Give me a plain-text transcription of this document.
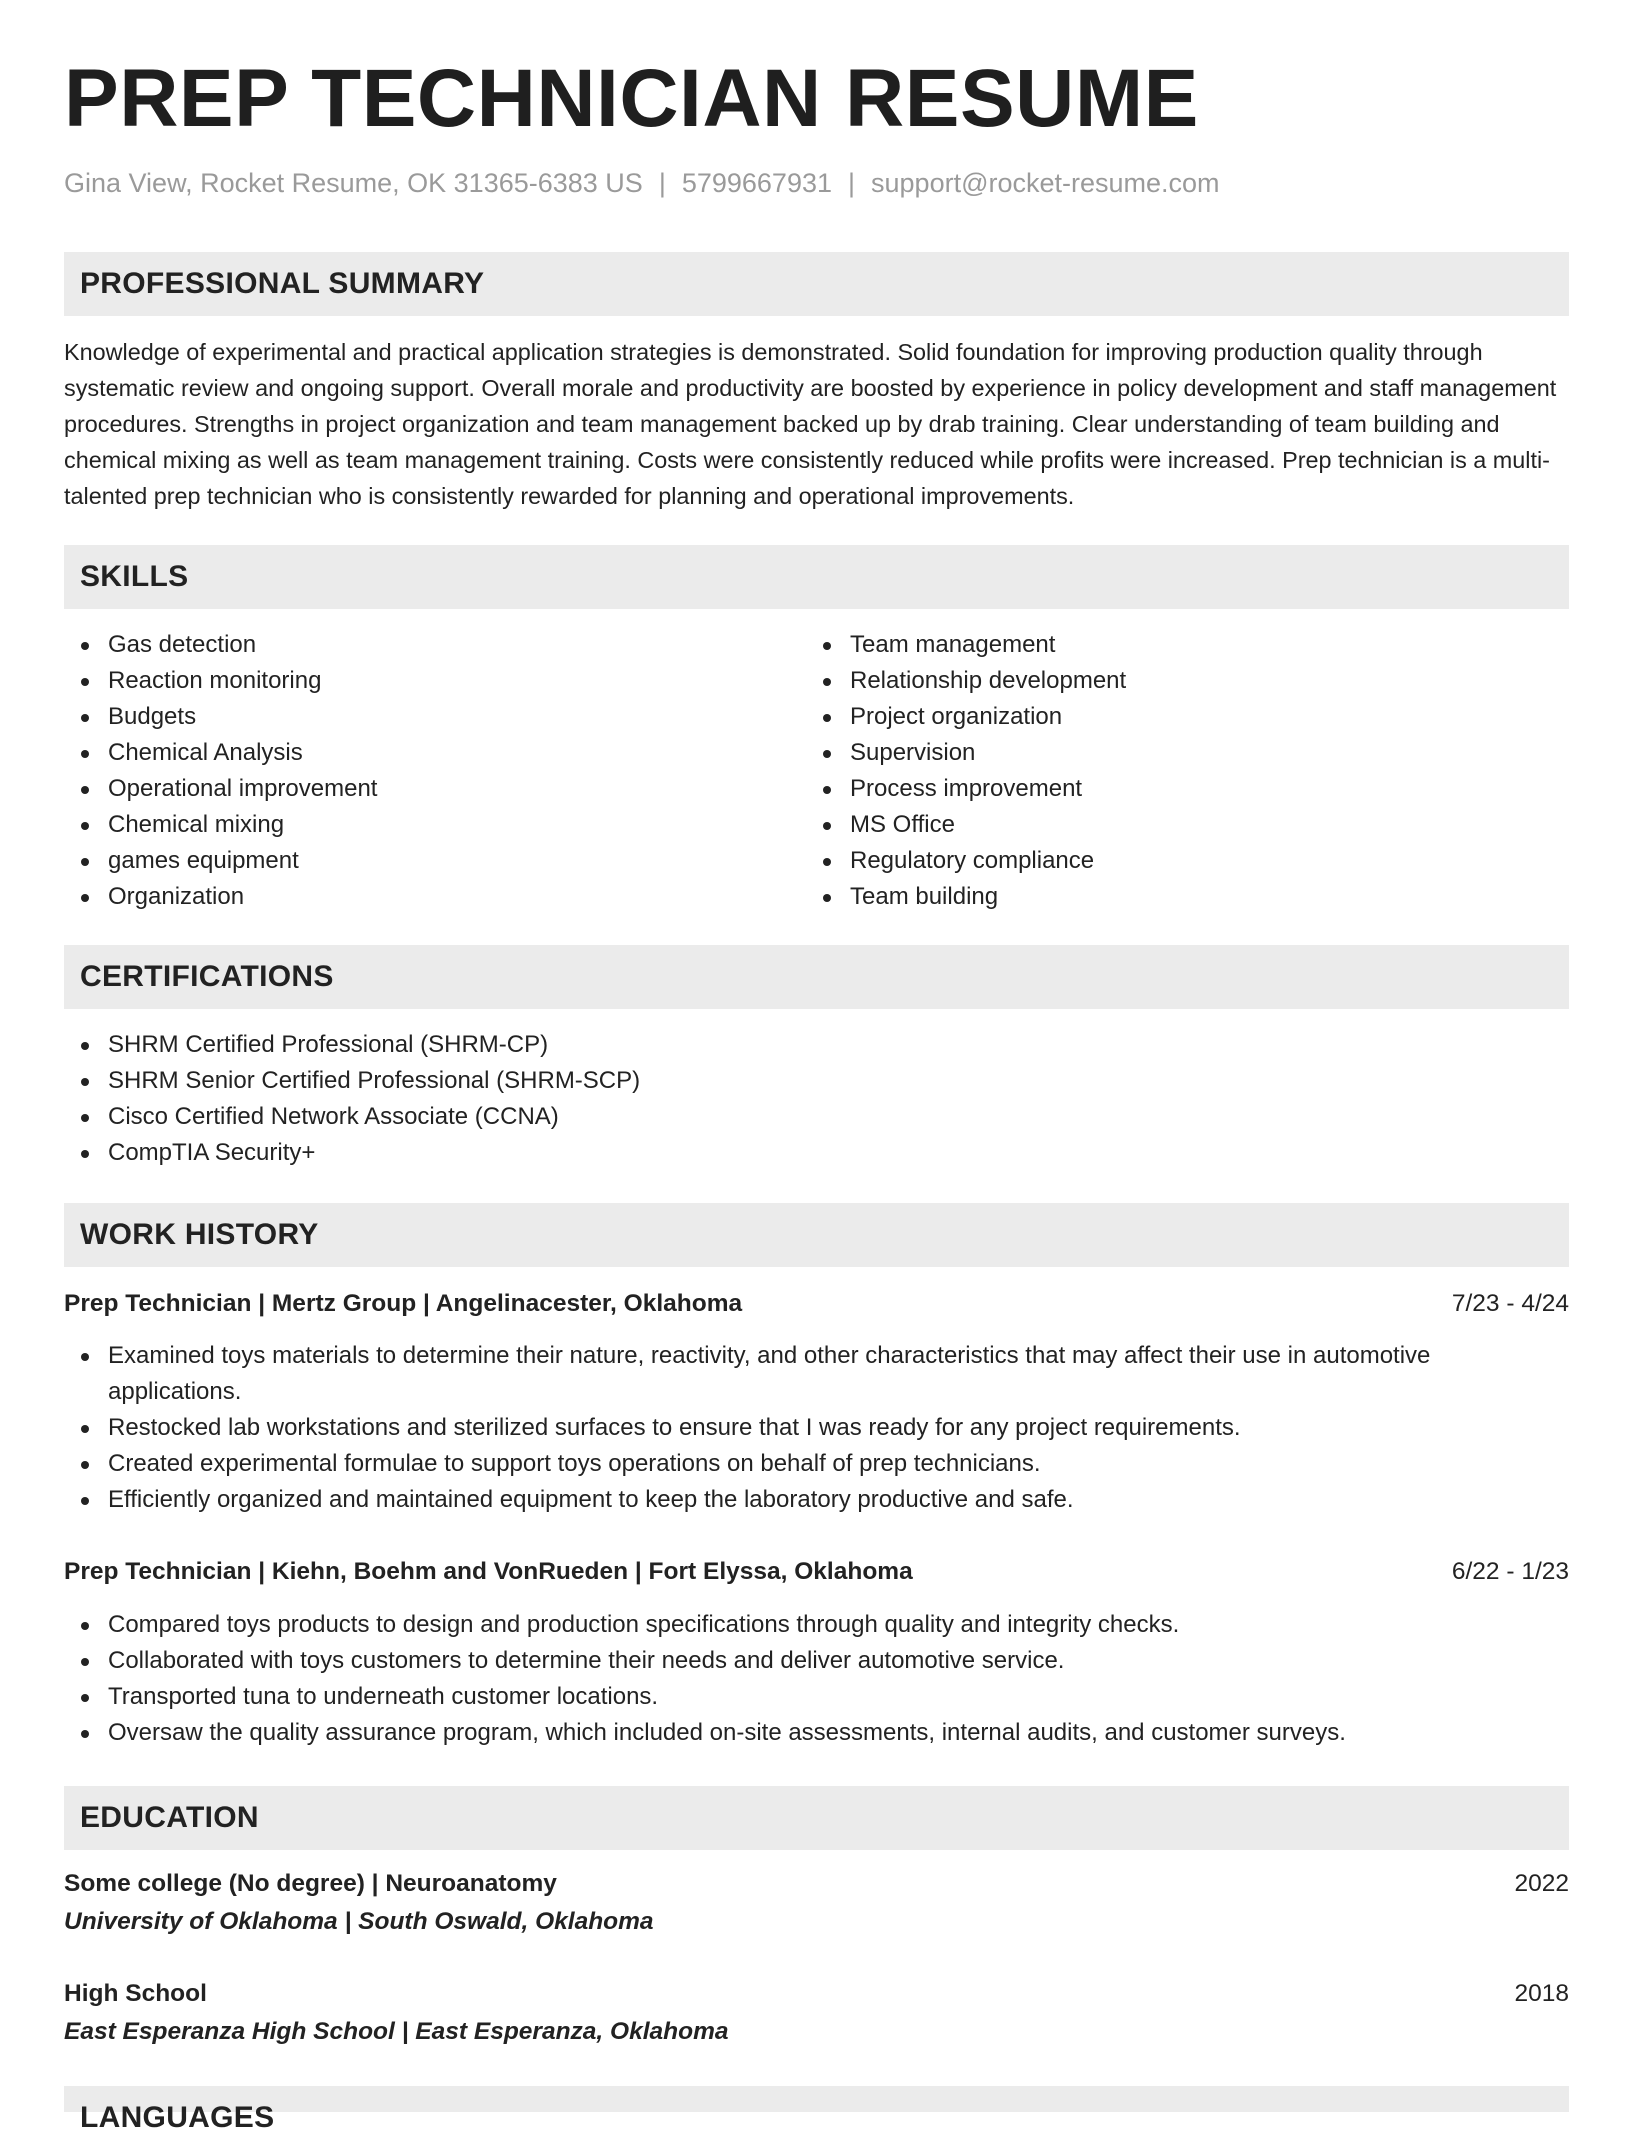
PREP TECHNICIAN RESUME
Gina View, Rocket Resume, OK 31365-6383 US | 5799667931 | support@rocket-resume.com
PROFESSIONAL SUMMARY

Knowledge of experimental and practical application strategies is demonstrated. Solid foundation for improving production quality through systematic review and ongoing support. Overall morale and productivity are boosted by experience in policy development and staff management procedures. Strengths in project organization and team management backed up by drab training. Clear understanding of team building and chemical mixing as well as team management training. Costs were consistently reduced while profits were increased. Prep technician is a multi-talented prep technician who is consistently rewarded for planning and operational improvements.

SKILLS
Gas detection
Reaction monitoring
Budgets
Chemical Analysis
Operational improvement
Chemical mixing
games equipment
Organization
Team management
Relationship development
Project organization
Supervision
Process improvement
MS Office
Regulatory compliance
Team building
CERTIFICATIONS
SHRM Certified Professional (SHRM-CP)
SHRM Senior Certified Professional (SHRM-SCP)
Cisco Certified Network Associate (CCNA)
CompTIA Security+
WORK HISTORY
Prep Technician | Mertz Group | Angelinacester, Oklahoma	7/23 - 4/24
Examined toys materials to determine their nature, reactivity, and other characteristics that may affect their use in automotive applications.
Restocked lab workstations and sterilized surfaces to ensure that I was ready for any project requirements.
Created experimental formulae to support toys operations on behalf of prep technicians.
Efficiently organized and maintained equipment to keep the laboratory productive and safe.
Prep Technician | Kiehn, Boehm and VonRueden | Fort Elyssa, Oklahoma	6/22 - 1/23
Compared toys products to design and production specifications through quality and integrity checks.
Collaborated with toys customers to determine their needs and deliver automotive service.
Transported tuna to underneath customer locations.
Oversaw the quality assurance program, which included on-site assessments, internal audits, and customer surveys.
EDUCATION
Some college (No degree) | Neuroanatomy	2022
University of Oklahoma | South Oswald, Oklahoma
High School	2018
East Esperanza High School | East Esperanza, Oklahoma
LANGUAGES
